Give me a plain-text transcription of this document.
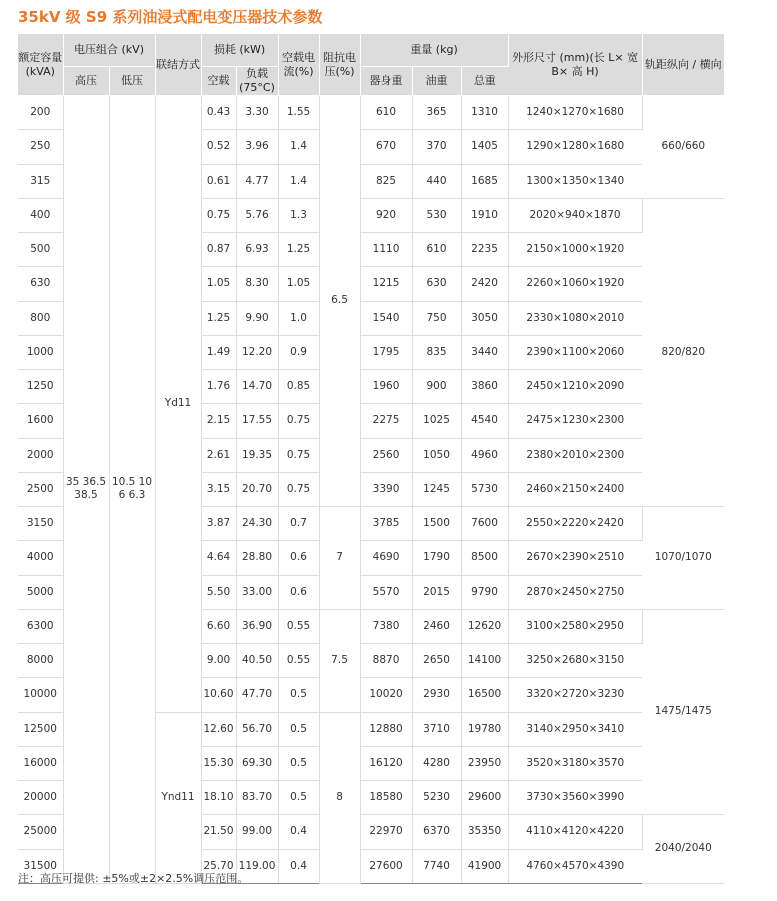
35kV 级 S9 系列油浸式配电变压器技术参数
额定容量(kVA)	电压组合 (kV)		联结方式	损耗 (kW)		空载电流(%)	阻抗电压(%)	重量 (kg)			外形尺寸 (mm)(长 L× 宽 B× 高 H)	轨距纵向 / 横向
	高压	低压		空载	负载(75°C)			器身重	油重	总重		
200	35 36.5 38.5	10.5 10 6 6.3	Yd11	0.43	3.30	1.55	6.5	610	365	1310	1240×1270×1680	660/660
250				0.52	3.96	1.4		670	370	1405	1290×1280×1680	
315				0.61	4.77	1.4		825	440	1685	1300×1350×1340	
400				0.75	5.76	1.3		920	530	1910	2020×940×1870	820/820
500				0.87	6.93	1.25		1110	610	2235	2150×1000×1920	
630				1.05	8.30	1.05		1215	630	2420	2260×1060×1920	
800				1.25	9.90	1.0		1540	750	3050	2330×1080×2010	
1000				1.49	12.20	0.9		1795	835	3440	2390×1100×2060	
1250				1.76	14.70	0.85		1960	900	3860	2450×1210×2090	
1600				2.15	17.55	0.75		2275	1025	4540	2475×1230×2300	
2000				2.61	19.35	0.75		2560	1050	4960	2380×2010×2300	
2500				3.15	20.70	0.75		3390	1245	5730	2460×2150×2400	
3150				3.87	24.30	0.7	7	3785	1500	7600	2550×2220×2420	1070/1070
4000				4.64	28.80	0.6		4690	1790	8500	2670×2390×2510	
5000				5.50	33.00	0.6		5570	2015	9790	2870×2450×2750	
6300				6.60	36.90	0.55	7.5	7380	2460	12620	3100×2580×2950	1475/1475
8000				9.00	40.50	0.55		8870	2650	14100	3250×2680×3150	
10000				10.60	47.70	0.5		10020	2930	16500	3320×2720×3230	
12500			Ynd11	12.60	56.70	0.5	8	12880	3710	19780	3140×2950×3410	
16000				15.30	69.30	0.5		16120	4280	23950	3520×3180×3570	
20000				18.10	83.70	0.5		18580	5230	29600	3730×3560×3990	
25000				21.50	99.00	0.4		22970	6370	35350	4110×4120×4220	2040/2040
31500				25.70	119.00	0.4		27600	7740	41900	4760×4570×4390	
注：高压可提供: ±5%或±2×2.5%调压范围。
